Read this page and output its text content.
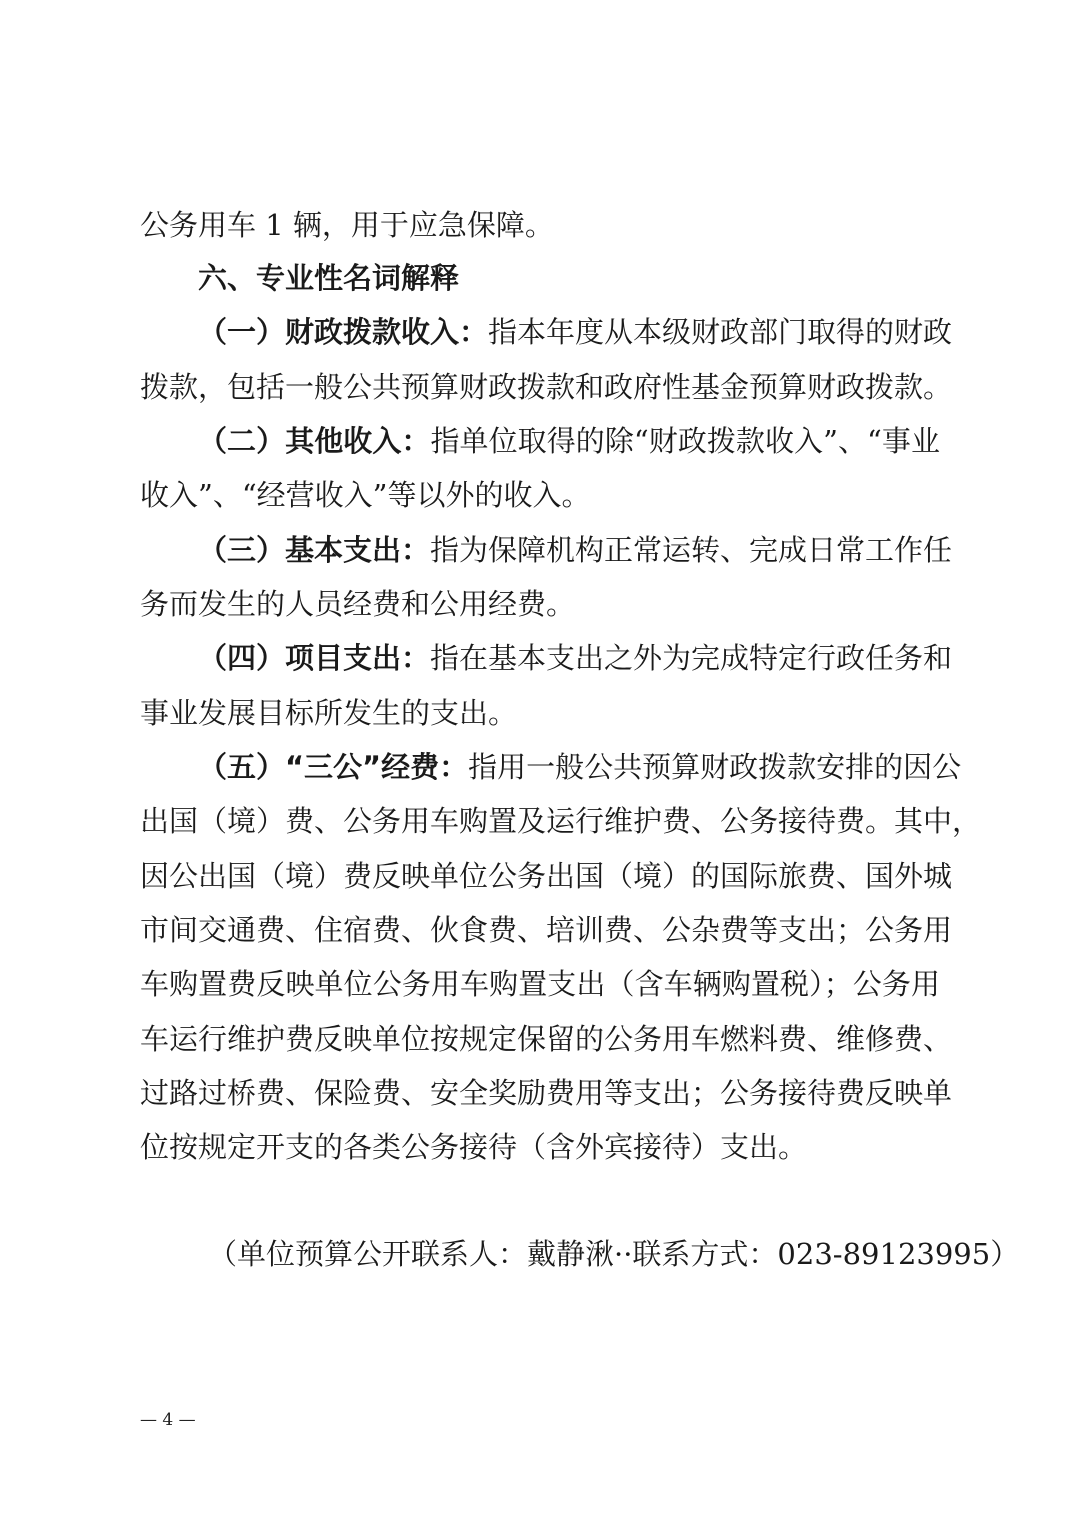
公务用车 1 辆，用于应急保障。
六、专业性名词解释
（一）财政拨款收入：指本年度从本级财政部门取得的财政
拨款，包括一般公共预算财政拨款和政府性基金预算财政拨款。
（二）其他收入：指单位取得的除“财政拨款收入”、“事业
收入”、“经营收入”等以外的收入。
（三）基本支出：指为保障机构正常运转、完成日常工作任
务而发生的人员经费和公用经费。
（四）项目支出：指在基本支出之外为完成特定行政任务和
事业发展目标所发生的支出。
（五）“三公”经费：指用一般公共预算财政拨款安排的因公
出国（境）费、公务用车购置及运行维护费、公务接待费。其中，
因公出国（境）费反映单位公务出国（境）的国际旅费、国外城
市间交通费、住宿费、伙食费、培训费、公杂费等支出；公务用
车购置费反映单位公务用车购置支出（含车辆购置税）；公务用
车运行维护费反映单位按规定保留的公务用车燃料费、维修费、
过路过桥费、保险费、安全奖励费用等支出；公务接待费反映单
位按规定开支的各类公务接待（含外宾接待）支出。
（单位预算公开联系人：戴静湫··联系方式：023-89123995）
— 4 —
